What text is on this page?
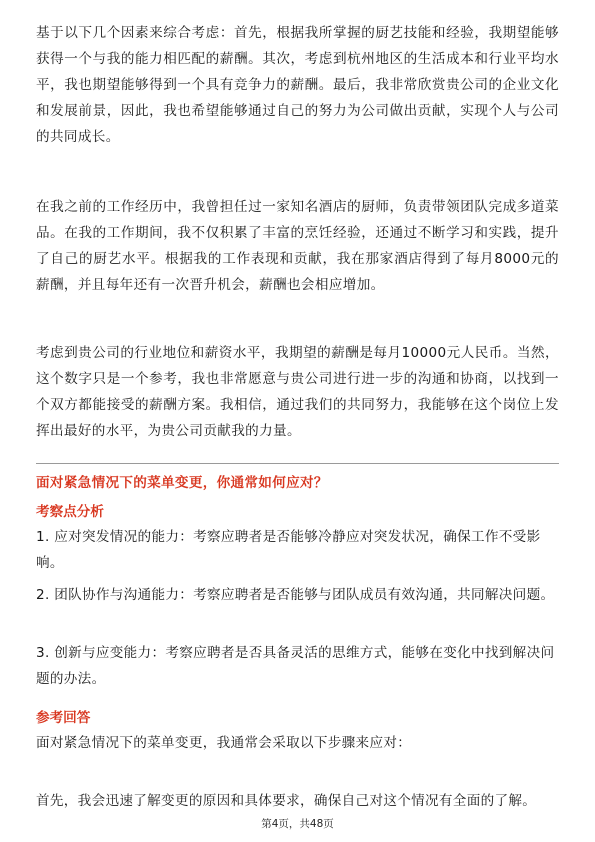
基于以下几个因素来综合考虑：首先，根据我所掌握的厨艺技能和经验，我期望能够获得一个与我的能力相匹配的薪酬。其次，考虑到杭州地区的生活成本和行业平均水平，我也期望能够得到一个具有竞争力的薪酬。最后，我非常欣赏贵公司的企业文化和发展前景，因此，我也希望能够通过自己的努力为公司做出贡献，实现个人与公司的共同成长。
在我之前的工作经历中，我曾担任过一家知名酒店的厨师，负责带领团队完成多道菜品。在我的工作期间，我不仅积累了丰富的烹饪经验，还通过不断学习和实践，提升了自己的厨艺水平。根据我的工作表现和贡献，我在那家酒店得到了每月8000元的薪酬，并且每年还有一次晋升机会，薪酬也会相应增加。
考虑到贵公司的行业地位和薪资水平，我期望的薪酬是每月10000元人民币。当然，这个数字只是一个参考，我也非常愿意与贵公司进行进一步的沟通和协商，以找到一个双方都能接受的薪酬方案。我相信，通过我们的共同努力，我能够在这个岗位上发挥出最好的水平，为贵公司贡献我的力量。
面对紧急情况下的菜单变更，你通常如何应对？
考察点分析
1. 应对突发情况的能力：考察应聘者是否能够冷静应对突发状况，确保工作不受影响。
2. 团队协作与沟通能力：考察应聘者是否能够与团队成员有效沟通，共同解决问题。
3. 创新与应变能力：考察应聘者是否具备灵活的思维方式，能够在变化中找到解决问题的办法。
参考回答
面对紧急情况下的菜单变更，我通常会采取以下步骤来应对：
首先，我会迅速了解变更的原因和具体要求，确保自己对这个情况有全面的了解。
第4页，共48页
